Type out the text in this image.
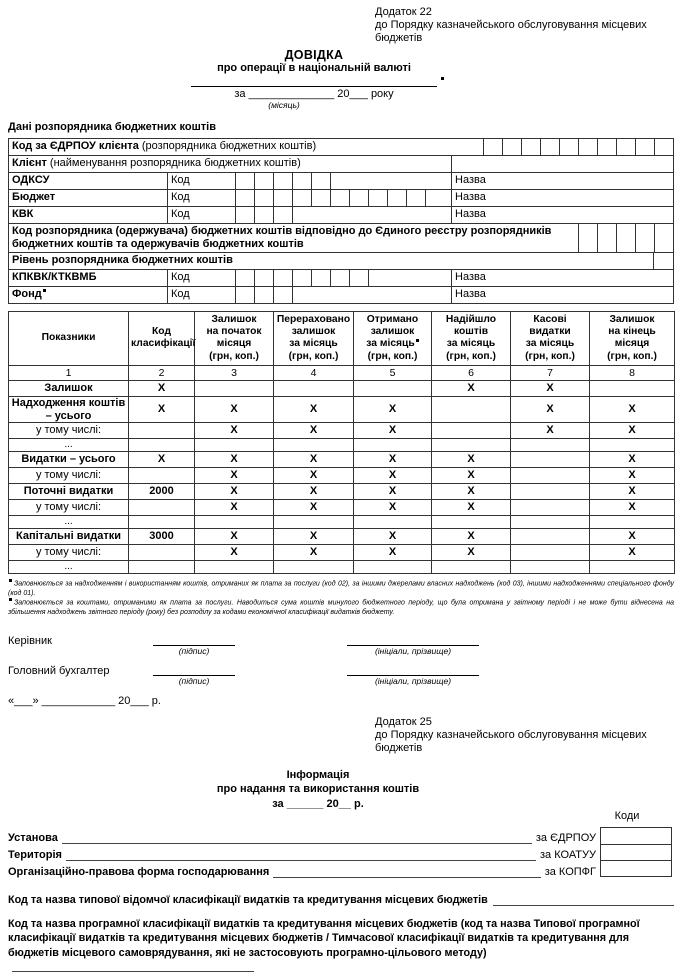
Додаток 22
до Порядку казначейського обслуговування місцевих бюджетів
ДОВІДКА
про операції в національній валюті
за ______________ 20___ року
(місяць)
Дані розпорядника бюджетних коштів
Код за ЄДРПОУ клієнта (розпорядника бюджетних коштів)
Клієнт (найменування розпорядника бюджетних коштів)
ОДКСУ	Код	Назва
Бюджет	Код	Назва
КВК	Код	Назва
Код розпорядника (одержувача) бюджетних коштів відповідно до Єдиного реєстру розпорядників бюджетних коштів та одержувачів бюджетних коштів
Рівень розпорядника бюджетних коштів
КПКВК/КТКВМБ	Код	Назва
Фонд	Код	Назва
Показники

Код
класифікації

Залишок
на початок
місяця
(грн, коп.)

Перераховано
залишок
за місяць
(грн, коп.)

Отримано
залишок
за місяць
(грн, коп.)

Надійшло
коштів
за місяць
(грн, коп.)

Касові видатки
за місяць
(грн, коп.)

Залишок
на кінець
місяця
(грн, коп.)

1	2	3	4	5	6	7	8
Залишок	X				X	X	
Надходження коштів – усього	X	X	X	X		X	X
у тому числі:		X	X	X		X	X
...							
Видатки – усього	X	X	X	X	X		X
у тому числі:		X	X	X	X		X
Поточні видатки	2000	X	X	X	X		X
у тому числі:		X	X	X	X		X
...							
Капітальні видатки	3000	X	X	X	X		X
у тому числі:		X	X	X	X		X
...							
Заповнюється за надходженням і використанням коштів, отриманих як плата за послуги (код 02), за іншими джерелами власних надходжень (код 03), іншими надходженнями спеціального фонду (код 01).
Заповнюється за коштами, отриманими як плата за послуги. Наводиться сума коштів минулого бюджетного періоду, що була отримана у звітному періоді і не може бути віднесена на збільшення надходжень звітного періоду (року) без розподілу за кодами економічної класифікації видатків бюджету.
Керівник
(підпис)	(ініціали, прізвище)
Головний бухгалтер
(підпис)	(ініціали, прізвище)
«___» ____________ 20___ р.
Додаток 25
до Порядку казначейського обслуговування місцевих бюджетів
Інформація
про надання та використання коштів
за ______ 20__ р.
Коди
Установа	за ЄДРПОУ
Територія	за КОАТУУ
Організаційно-правова форма господарювання	за КОПФГ
Код та назва типової відомчої класифікації видатків та кредитування місцевих бюджетів
Код та назва програмної класифікації видатків та кредитування місцевих бюджетів (код та назва Типової програмної класифікації видатків та кредитування місцевих бюджетів / Тимчасової класифікації видатків та кредитування для бюджетів місцевого самоврядування, які не застосовують програмно-цільового методу)
